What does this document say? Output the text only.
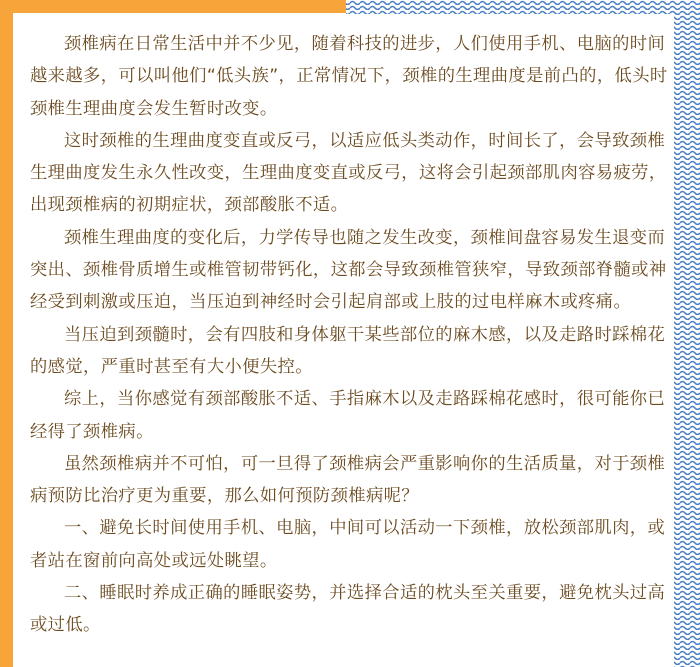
颈椎病在日常生活中并不少见，随着科技的进步，人们使用手机、电脑的时间越来越多，可以叫他们“低头族”，正常情况下，颈椎的生理曲度是前凸的，低头时颈椎生理曲度会发生暂时改变。

这时颈椎的生理曲度变直或反弓，以适应低头类动作，时间长了，会导致颈椎生理曲度发生永久性改变，生理曲度变直或反弓，这将会引起颈部肌肉容易疲劳，出现颈椎病的初期症状，颈部酸胀不适。

颈椎生理曲度的变化后，力学传导也随之发生改变，颈椎间盘容易发生退变而突出、颈椎骨质增生或椎管韧带钙化，这都会导致颈椎管狭窄，导致颈部脊髓或神经受到刺激或压迫，当压迫到神经时会引起肩部或上肢的过电样麻木或疼痛。

当压迫到颈髓时，会有四肢和身体躯干某些部位的麻木感，以及走路时踩棉花的感觉，严重时甚至有大小便失控。

综上，当你感觉有颈部酸胀不适、手指麻木以及走路踩棉花感时，很可能你已经得了颈椎病。

虽然颈椎病并不可怕，可一旦得了颈椎病会严重影响你的生活质量，对于颈椎病预防比治疗更为重要，那么如何预防颈椎病呢？

一、避免长时间使用手机、电脑，中间可以活动一下颈椎，放松颈部肌肉，或者站在窗前向高处或远处眺望。

二、睡眠时养成正确的睡眠姿势，并选择合适的枕头至关重要，避免枕头过高或过低。
